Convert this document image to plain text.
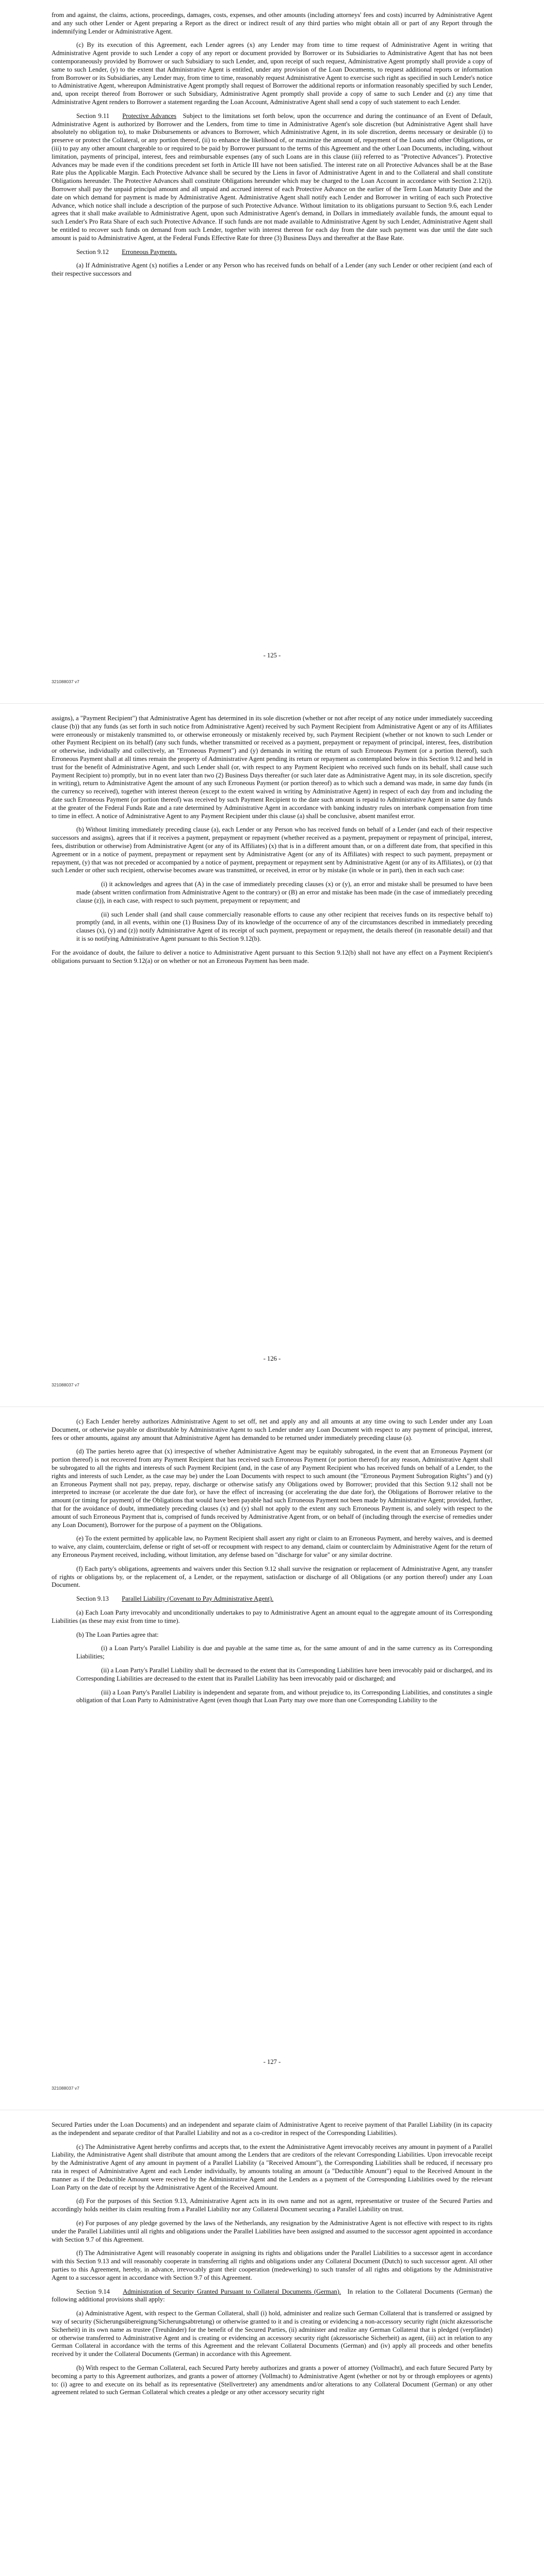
from and against, the claims, actions, proceedings, damages, costs, expenses, and other amounts (including attorneys' fees and costs) incurred by Administrative Agent and any such other Lender or Agent preparing a Report as the direct or indirect result of any third parties who might obtain all or part of any Report through the indemnifying Lender or Administrative Agent.

(c) By its execution of this Agreement, each Lender agrees (x) any Lender may from time to time request of Administrative Agent in writing that Administrative Agent provide to such Lender a copy of any report or document provided by Borrower or its Subsidiaries to Administrative Agent that has not been contemporaneously provided by Borrower or such Subsidiary to such Lender, and, upon receipt of such request, Administrative Agent promptly shall provide a copy of same to such Lender, (y) to the extent that Administrative Agent is entitled, under any provision of the Loan Documents, to request additional reports or information from Borrower or its Subsidiaries, any Lender may, from time to time, reasonably request Administrative Agent to exercise such right as specified in such Lender's notice to Administrative Agent, whereupon Administrative Agent promptly shall request of Borrower the additional reports or information reasonably specified by such Lender, and, upon receipt thereof from Borrower or such Subsidiary, Administrative Agent promptly shall provide a copy of same to such Lender and (z) any time that Administrative Agent renders to Borrower a statement regarding the Loan Account, Administrative Agent shall send a copy of such statement to each Lender.

Section 9.11   Protective Advances   Subject to the limitations set forth below, upon the occurrence and during the continuance of an Event of Default, Administrative Agent is authorized by Borrower and the Lenders, from time to time in Administrative Agent's sole discretion (but Administrative Agent shall have absolutely no obligation to), to make Disbursements or advances to Borrower, which Administrative Agent, in its sole discretion, deems necessary or desirable (i) to preserve or protect the Collateral, or any portion thereof, (ii) to enhance the likelihood of, or maximize the amount of, repayment of the Loans and other Obligations, or (iii) to pay any other amount chargeable to or required to be paid by Borrower pursuant to the terms of this Agreement and the other Loan Documents, including, without limitation, payments of principal, interest, fees and reimbursable expenses (any of such Loans are in this clause (iii) referred to as "Protective Advances"). Protective Advances may be made even if the conditions precedent set forth in Article III have not been satisfied. The interest rate on all Protective Advances shall be at the Base Rate plus the Applicable Margin. Each Protective Advance shall be secured by the Liens in favor of Administrative Agent in and to the Collateral and shall constitute Obligations hereunder. The Protective Advances shall constitute Obligations hereunder which may be charged to the Loan Account in accordance with Section 2.12(i). Borrower shall pay the unpaid principal amount and all unpaid and accrued interest of each Protective Advance on the earlier of the Term Loan Maturity Date and the date on which demand for payment is made by Administrative Agent. Administrative Agent shall notify each Lender and Borrower in writing of each such Protective Advance, which notice shall include a description of the purpose of such Protective Advance. Without limitation to its obligations pursuant to Section 9.6, each Lender agrees that it shall make available to Administrative Agent, upon such Administrative Agent's demand, in Dollars in immediately available funds, the amount equal to such Lender's Pro Rata Share of each such Protective Advance. If such funds are not made available to Administrative Agent by such Lender, Administrative Agent shall be entitled to recover such funds on demand from such Lender, together with interest thereon for each day from the date such payment was due until the date such amount is paid to Administrative Agent, at the Federal Funds Effective Rate for three (3) Business Days and thereafter at the Base Rate.

Section 9.12   Erroneous Payments.

(a) If Administrative Agent (x) notifies a Lender or any Person who has received funds on behalf of a Lender (any such Lender or other recipient (and each of their respective successors and

- 125 -
321088037 v7

assigns), a "Payment Recipient") that Administrative Agent has determined in its sole discretion (whether or not after receipt of any notice under immediately succeeding clause (b)) that any funds (as set forth in such notice from Administrative Agent) received by such Payment Recipient from Administrative Agent or any of its Affiliates were erroneously or mistakenly transmitted to, or otherwise erroneously or mistakenly received by, such Payment Recipient (whether or not known to such Lender or other Payment Recipient on its behalf) (any such funds, whether transmitted or received as a payment, prepayment or repayment of principal, interest, fees, distribution or otherwise, individually and collectively, an "Erroneous Payment") and (y) demands in writing the return of such Erroneous Payment (or a portion thereof), such Erroneous Payment shall at all times remain the property of Administrative Agent pending its return or repayment as contemplated below in this Section 9.12 and held in trust for the benefit of Administrative Agent, and such Lender shall (or, with respect to any Payment Recipient who received such funds on its behalf, shall cause such Payment Recipient to) promptly, but in no event later than two (2) Business Days thereafter (or such later date as Administrative Agent may, in its sole discretion, specify in writing), return to Administrative Agent the amount of any such Erroneous Payment (or portion thereof) as to which such a demand was made, in same day funds (in the currency so received), together with interest thereon (except to the extent waived in writing by Administrative Agent) in respect of each day from and including the date such Erroneous Payment (or portion thereof) was received by such Payment Recipient to the date such amount is repaid to Administrative Agent in same day funds at the greater of the Federal Funds Rate and a rate determined by Administrative Agent in accordance with banking industry rules on interbank compensation from time to time in effect. A notice of Administrative Agent to any Payment Recipient under this clause (a) shall be conclusive, absent manifest error.

(b) Without limiting immediately preceding clause (a), each Lender or any Person who has received funds on behalf of a Lender (and each of their respective successors and assigns), agrees that if it receives a payment, prepayment or repayment (whether received as a payment, prepayment or repayment of principal, interest, fees, distribution or otherwise) from Administrative Agent (or any of its Affiliates) (x) that is in a different amount than, or on a different date from, that specified in this Agreement or in a notice of payment, prepayment or repayment sent by Administrative Agent (or any of its Affiliates) with respect to such payment, prepayment or repayment, (y) that was not preceded or accompanied by a notice of payment, prepayment or repayment sent by Administrative Agent (or any of its Affiliates), or (z) that such Lender or other such recipient, otherwise becomes aware was transmitted, or received, in error or by mistake (in whole or in part), then in each such case:

(i) it acknowledges and agrees that (A) in the case of immediately preceding clauses (x) or (y), an error and mistake shall be presumed to have been made (absent written confirmation from Administrative Agent to the contrary) or (B) an error and mistake has been made (in the case of immediately preceding clause (z)), in each case, with respect to such payment, prepayment or repayment; and

(ii) such Lender shall (and shall cause commercially reasonable efforts to cause any other recipient that receives funds on its respective behalf to) promptly (and, in all events, within one (1) Business Day of its knowledge of the occurrence of any of the circumstances described in immediately preceding clauses (x), (y) and (z)) notify Administrative Agent of its receipt of such payment, prepayment or repayment, the details thereof (in reasonable detail) and that it is so notifying Administrative Agent pursuant to this Section 9.12(b).

For the avoidance of doubt, the failure to deliver a notice to Administrative Agent pursuant to this Section 9.12(b) shall not have any effect on a Payment Recipient's obligations pursuant to Section 9.12(a) or on whether or not an Erroneous Payment has been made.

- 126 -
321088037 v7

(c) Each Lender hereby authorizes Administrative Agent to set off, net and apply any and all amounts at any time owing to such Lender under any Loan Document, or otherwise payable or distributable by Administrative Agent to such Lender under any Loan Document with respect to any payment of principal, interest, fees or other amounts, against any amount that Administrative Agent has demanded to be returned under immediately preceding clause (a).

(d) The parties hereto agree that (x) irrespective of whether Administrative Agent may be equitably subrogated, in the event that an Erroneous Payment (or portion thereof) is not recovered from any Payment Recipient that has received such Erroneous Payment (or portion thereof) for any reason, Administrative Agent shall be subrogated to all the rights and interests of such Payment Recipient (and, in the case of any Payment Recipient who has received funds on behalf of a Lender, to the rights and interests of such Lender, as the case may be) under the Loan Documents with respect to such amount (the "Erroneous Payment Subrogation Rights") and (y) an Erroneous Payment shall not pay, prepay, repay, discharge or otherwise satisfy any Obligations owed by Borrower; provided that this Section 9.12 shall not be interpreted to increase (or accelerate the due date for), or have the effect of increasing (or accelerating the due date for), the Obligations of Borrower relative to the amount (or timing for payment) of the Obligations that would have been payable had such Erroneous Payment not been made by Administrative Agent; provided, further, that for the avoidance of doubt, immediately preceding clauses (x) and (y) shall not apply to the extent any such Erroneous Payment is, and solely with respect to the amount of such Erroneous Payment that is, comprised of funds received by Administrative Agent from, or on behalf of (including through the exercise of remedies under any Loan Document), Borrower for the purpose of a payment on the Obligations.

(e) To the extent permitted by applicable law, no Payment Recipient shall assert any right or claim to an Erroneous Payment, and hereby waives, and is deemed to waive, any claim, counterclaim, defense or right of set-off or recoupment with respect to any demand, claim or counterclaim by Administrative Agent for the return of any Erroneous Payment received, including, without limitation, any defense based on "discharge for value" or any similar doctrine.

(f) Each party's obligations, agreements and waivers under this Section 9.12 shall survive the resignation or replacement of Administrative Agent, any transfer of rights or obligations by, or the replacement of, a Lender, or the repayment, satisfaction or discharge of all Obligations (or any portion thereof) under any Loan Document.

Section 9.13   Parallel Liability (Covenant to Pay Administrative Agent).

(a) Each Loan Party irrevocably and unconditionally undertakes to pay to Administrative Agent an amount equal to the aggregate amount of its Corresponding Liabilities (as these may exist from time to time).

(b) The Loan Parties agree that:

(i) a Loan Party's Parallel Liability is due and payable at the same time as, for the same amount of and in the same currency as its Corresponding Liabilities;

(ii) a Loan Party's Parallel Liability shall be decreased to the extent that its Corresponding Liabilities have been irrevocably paid or discharged, and its Corresponding Liabilities are decreased to the extent that its Parallel Liability has been irrevocably paid or discharged; and

(iii) a Loan Party's Parallel Liability is independent and separate from, and without prejudice to, its Corresponding Liabilities, and constitutes a single obligation of that Loan Party to Administrative Agent (even though that Loan Party may owe more than one Corresponding Liability to the

- 127 -
321088037 v7

Secured Parties under the Loan Documents) and an independent and separate claim of Administrative Agent to receive payment of that Parallel Liability (in its capacity as the independent and separate creditor of that Parallel Liability and not as a co-creditor in respect of the Corresponding Liabilities).

(c) The Administrative Agent hereby confirms and accepts that, to the extent the Administrative Agent irrevocably receives any amount in payment of a Parallel Liability, the Administrative Agent shall distribute that amount among the Lenders that are creditors of the relevant Corresponding Liabilities. Upon irrevocable receipt by the Administrative Agent of any amount in payment of a Parallel Liability (a "Received Amount"), the Corresponding Liabilities shall be reduced, if necessary pro rata in respect of Administrative Agent and each Lender individually, by amounts totaling an amount (a "Deductible Amount") equal to the Received Amount in the manner as if the Deductible Amount were received by the Administrative Agent and the Lenders as a payment of the Corresponding Liabilities owed by the relevant Loan Party on the date of receipt by the Administrative Agent of the Received Amount.

(d) For the purposes of this Section 9.13, Administrative Agent acts in its own name and not as agent, representative or trustee of the Secured Parties and accordingly holds neither its claim resulting from a Parallel Liability nor any Collateral Document securing a Parallel Liability on trust.

(e) For purposes of any pledge governed by the laws of the Netherlands, any resignation by the Administrative Agent is not effective with respect to its rights under the Parallel Liabilities until all rights and obligations under the Parallel Liabilities have been assigned and assumed to the successor agent appointed in accordance with Section 9.7 of this Agreement.

(f) The Administrative Agent will reasonably cooperate in assigning its rights and obligations under the Parallel Liabilities to a successor agent in accordance with this Section 9.13 and will reasonably cooperate in transferring all rights and obligations under any Collateral Document (Dutch) to such successor agent. All other parties to this Agreement, hereby, in advance, irrevocably grant their cooperation (medewerking) to such transfer of all rights and obligations by the Administrative Agent to a successor agent in accordance with Section 9.7 of this Agreement.

Section 9.14   Administration of Security Granted Pursuant to Collateral Documents (German).   In relation to the Collateral Documents (German) the following additional provisions shall apply:

(a) Administrative Agent, with respect to the German Collateral, shall (i) hold, administer and realize such German Collateral that is transferred or assigned by way of security (Sicherungsübereignung/Sicherungsabtretung) or otherwise granted to it and is creating or evidencing a non-accessory security right (nicht akzessorische Sicherheit) in its own name as trustee (Treuhänder) for the benefit of the Secured Parties, (ii) administer and realize any German Collateral that is pledged (verpfändet) or otherwise transferred to Administrative Agent and is creating or evidencing an accessory security right (akzessorische Sicherheit) as agent, (iii) act in relation to any German Collateral in accordance with the terms of this Agreement and the relevant Collateral Documents (German) and (iv) apply all proceeds and other benefits received by it under the Collateral Documents (German) in accordance with this Agreement.

(b) With respect to the German Collateral, each Secured Party hereby authorizes and grants a power of attorney (Vollmacht), and each future Secured Party by becoming a party to this Agreement authorizes, and grants a power of attorney (Vollmacht) to Administrative Agent (whether or not by or through employees or agents) to: (i) agree to and execute on its behalf as its representative (Stellvertreter) any amendments and/or alterations to any Collateral Document (German) or any other agreement related to such German Collateral which creates a pledge or any other accessory security right
